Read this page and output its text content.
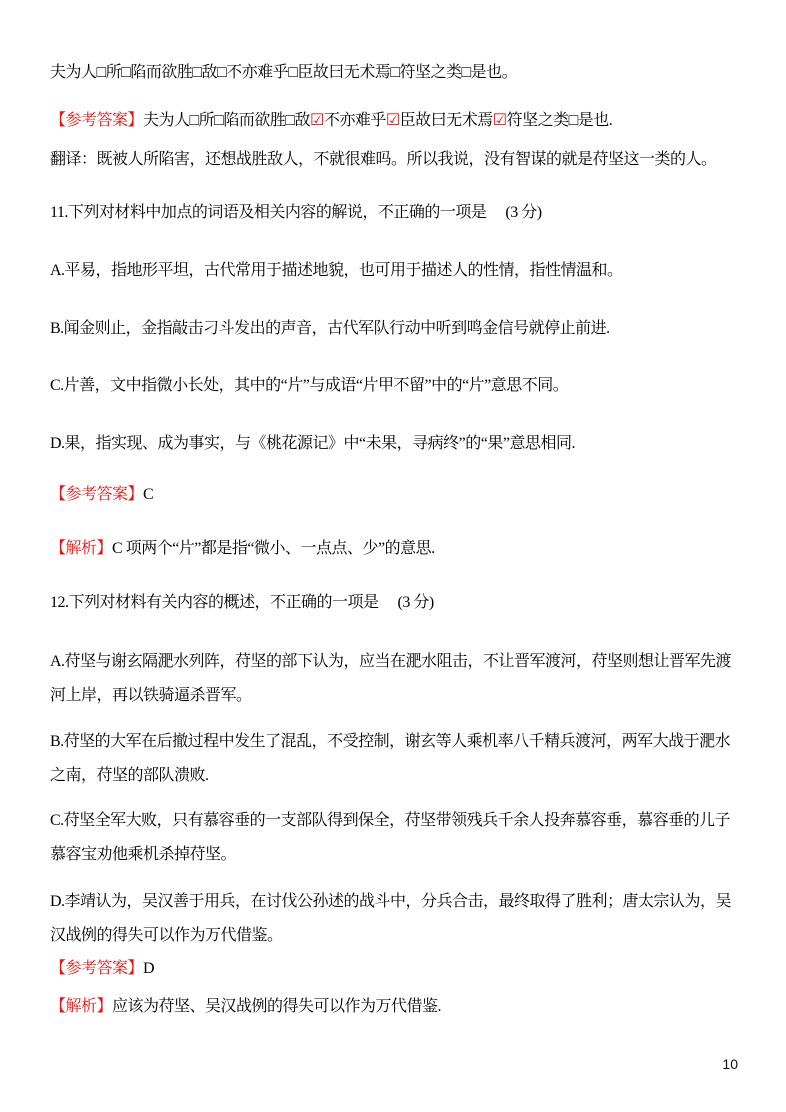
夫为人□所□陷而欲胜□敌□不亦难乎□臣故曰无术焉□符坚之类□是也。
【参考答案】夫为人□所□陷而欲胜□敌☑不亦难乎☑臣故曰无术焉☑符坚之类□是也.
翻译：既被人所陷害，还想战胜敌人，不就很难吗。所以我说，没有智谋的就是苻坚这一类的人。
11.下列对材料中加点的词语及相关内容的解说，不正确的一项是　 (3 分)
A.平易，指地形平坦，古代常用于描述地貌，也可用于描述人的性情，指性情温和。
B.闻金则止，金指敲击刁斗发出的声音，古代军队行动中听到鸣金信号就停止前进.
C.片善，文中指微小长处，其中的“片”与成语“片甲不留”中的“片”意思不同。
D.果，指实现、成为事实，与《桃花源记》中“未果，寻病终”的“果”意思相同.
【参考答案】C
【解析】C 项两个“片”都是指“微小、一点点、少”的意思.
12.下列对材料有关内容的概述，不正确的一项是　 (3 分)
A.苻坚与谢玄隔淝水列阵，苻坚的部下认为，应当在淝水阻击，不让晋军渡河，苻坚则想让晋军先渡
河上岸，再以铁骑逼杀晋军。
B.苻坚的大军在后撤过程中发生了混乱，不受控制，谢玄等人乘机率八千精兵渡河，两军大战于淝水
之南，苻坚的部队溃败.
C.苻坚全军大败，只有慕容垂的一支部队得到保全，苻坚带领残兵千余人投奔慕容垂，慕容垂的儿子
慕容宝劝他乘机杀掉苻坚。
D.李靖认为，吴汉善于用兵，在讨伐公孙述的战斗中，分兵合击，最终取得了胜利；唐太宗认为，吴
汉战例的得失可以作为万代借鉴。
【参考答案】D
【解析】应该为苻坚、吴汉战例的得失可以作为万代借鉴.
10
